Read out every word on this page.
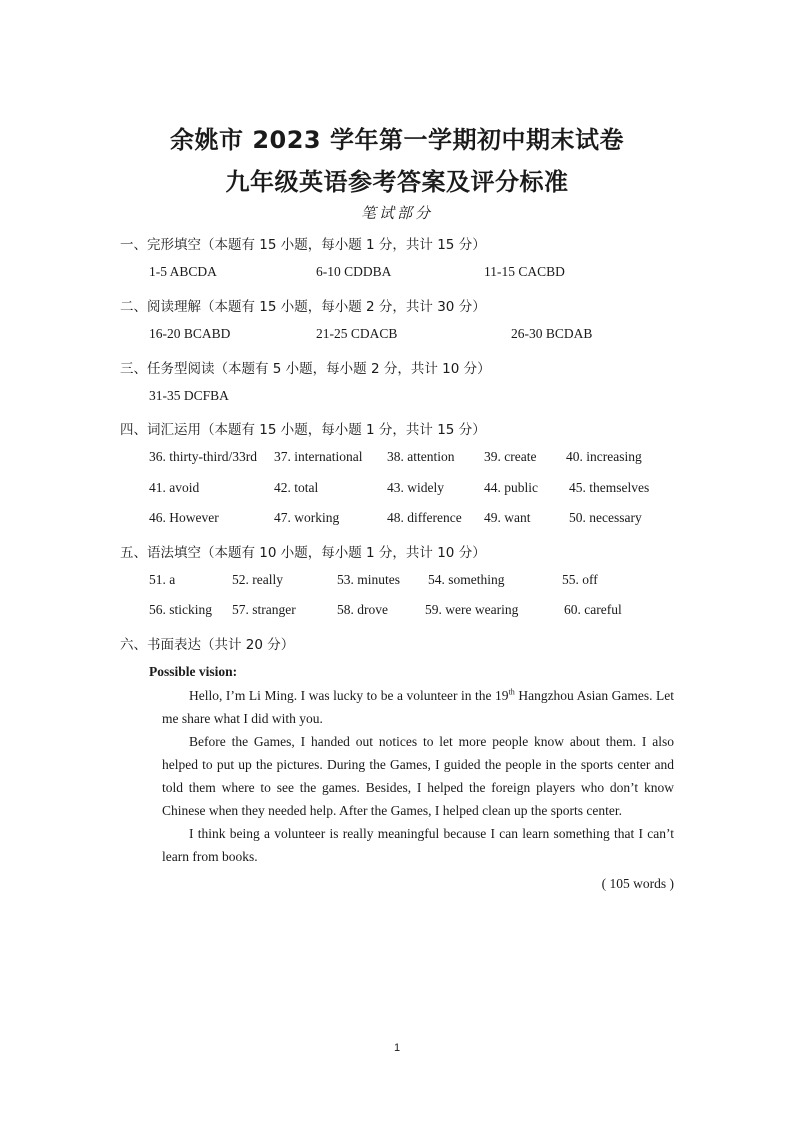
余姚市 2023 学年第一学期初中期末试卷
九年级英语参考答案及评分标准
笔试部分
一、完形填空（本题有 15 小题，每小题 1 分，共计 15 分）
1-5 ABCDA	6-10 CDDBA	11-15 CACBD
二、阅读理解（本题有 15 小题，每小题 2 分，共计 30 分）
16-20 BCABD	21-25 CDACB	26-30 BCDAB
三、任务型阅读（本题有 5 小题，每小题 2 分，共计 10 分）
31-35 DCFBA
四、词汇运用（本题有 15 小题，每小题 1 分，共计 15 分）
36. thirty-third/33rd 37. international 38. attention 39. create 40. increasing
41. avoid	42. total	43. widely	44. public 45. themselves
46. However	47. working	48. difference 49. want	50. necessary
五、语法填空（本题有 10 小题，每小题 1 分，共计 10 分）
51. a	52. really	53. minutes 54. something	55. off
56. sticking 57. stranger	58. drove	59. were wearing	60. careful
六、书面表达（共计 20 分）
Possible vision:

Hello, I’m Li Ming. I was lucky to be a volunteer in the 19th Hangzhou Asian Games. Let me share what I did with you.

Before the Games, I handed out notices to let more people know about them. I also helped to put up the pictures. During the Games, I guided the people in the sports center and told them where to see the games. Besides, I helped the foreign players who don’t know Chinese when they needed help. After the Games, I helped clean up the sports center.

I think being a volunteer is really meaningful because I can learn something that I can’t learn from books.

( 105 words )
1
